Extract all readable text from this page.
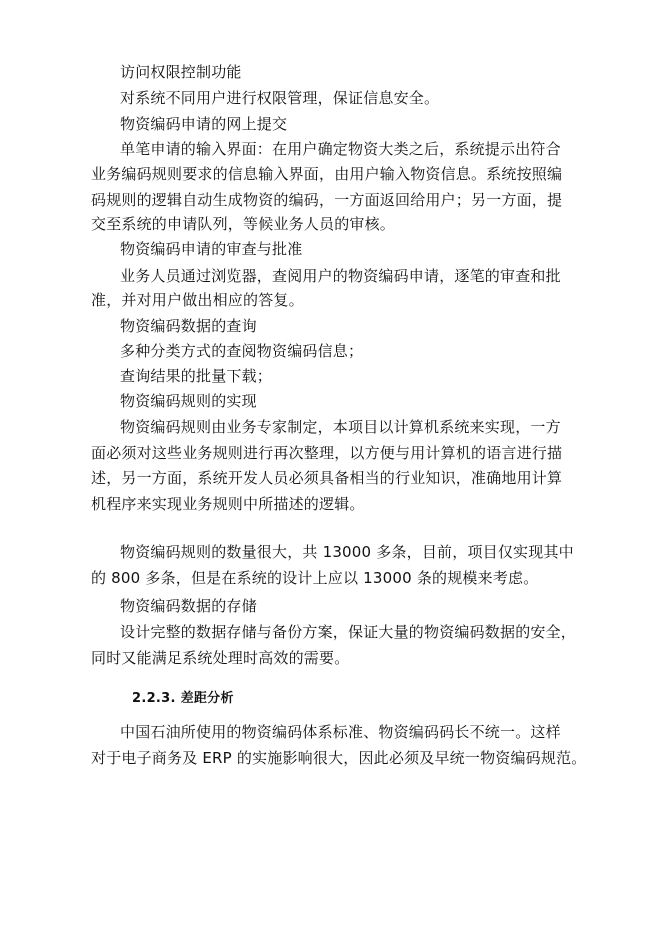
访问权限控制功能
对系统不同用户进行权限管理，保证信息安全。
物资编码申请的网上提交
单笔申请的输入界面：在用户确定物资大类之后，系统提示出符合
业务编码规则要求的信息输入界面，由用户输入物资信息。系统按照编
码规则的逻辑自动生成物资的编码，一方面返回给用户；另一方面，提
交至系统的申请队列，等候业务人员的审核。
物资编码申请的审查与批准
业务人员通过浏览器，查阅用户的物资编码申请，逐笔的审查和批
准，并对用户做出相应的答复。
物资编码数据的查询
多种分类方式的查阅物资编码信息；
查询结果的批量下载；
物资编码规则的实现
物资编码规则由业务专家制定，本项目以计算机系统来实现，一方
面必须对这些业务规则进行再次整理，以方便与用计算机的语言进行描
述，另一方面，系统开发人员必须具备相当的行业知识，准确地用计算
机程序来实现业务规则中所描述的逻辑。
物资编码规则的数量很大，共 13000 多条，目前，项目仅实现其中
的 800 多条，但是在系统的设计上应以 13000 条的规模来考虑。
物资编码数据的存储
设计完整的数据存储与备份方案，保证大量的物资编码数据的安全，
同时又能满足系统处理时高效的需要。
2.2.3. 差距分析
中国石油所使用的物资编码体系标准、物资编码码长不统一。这样
对于电子商务及 ERP 的实施影响很大，因此必须及早统一物资编码规范。
